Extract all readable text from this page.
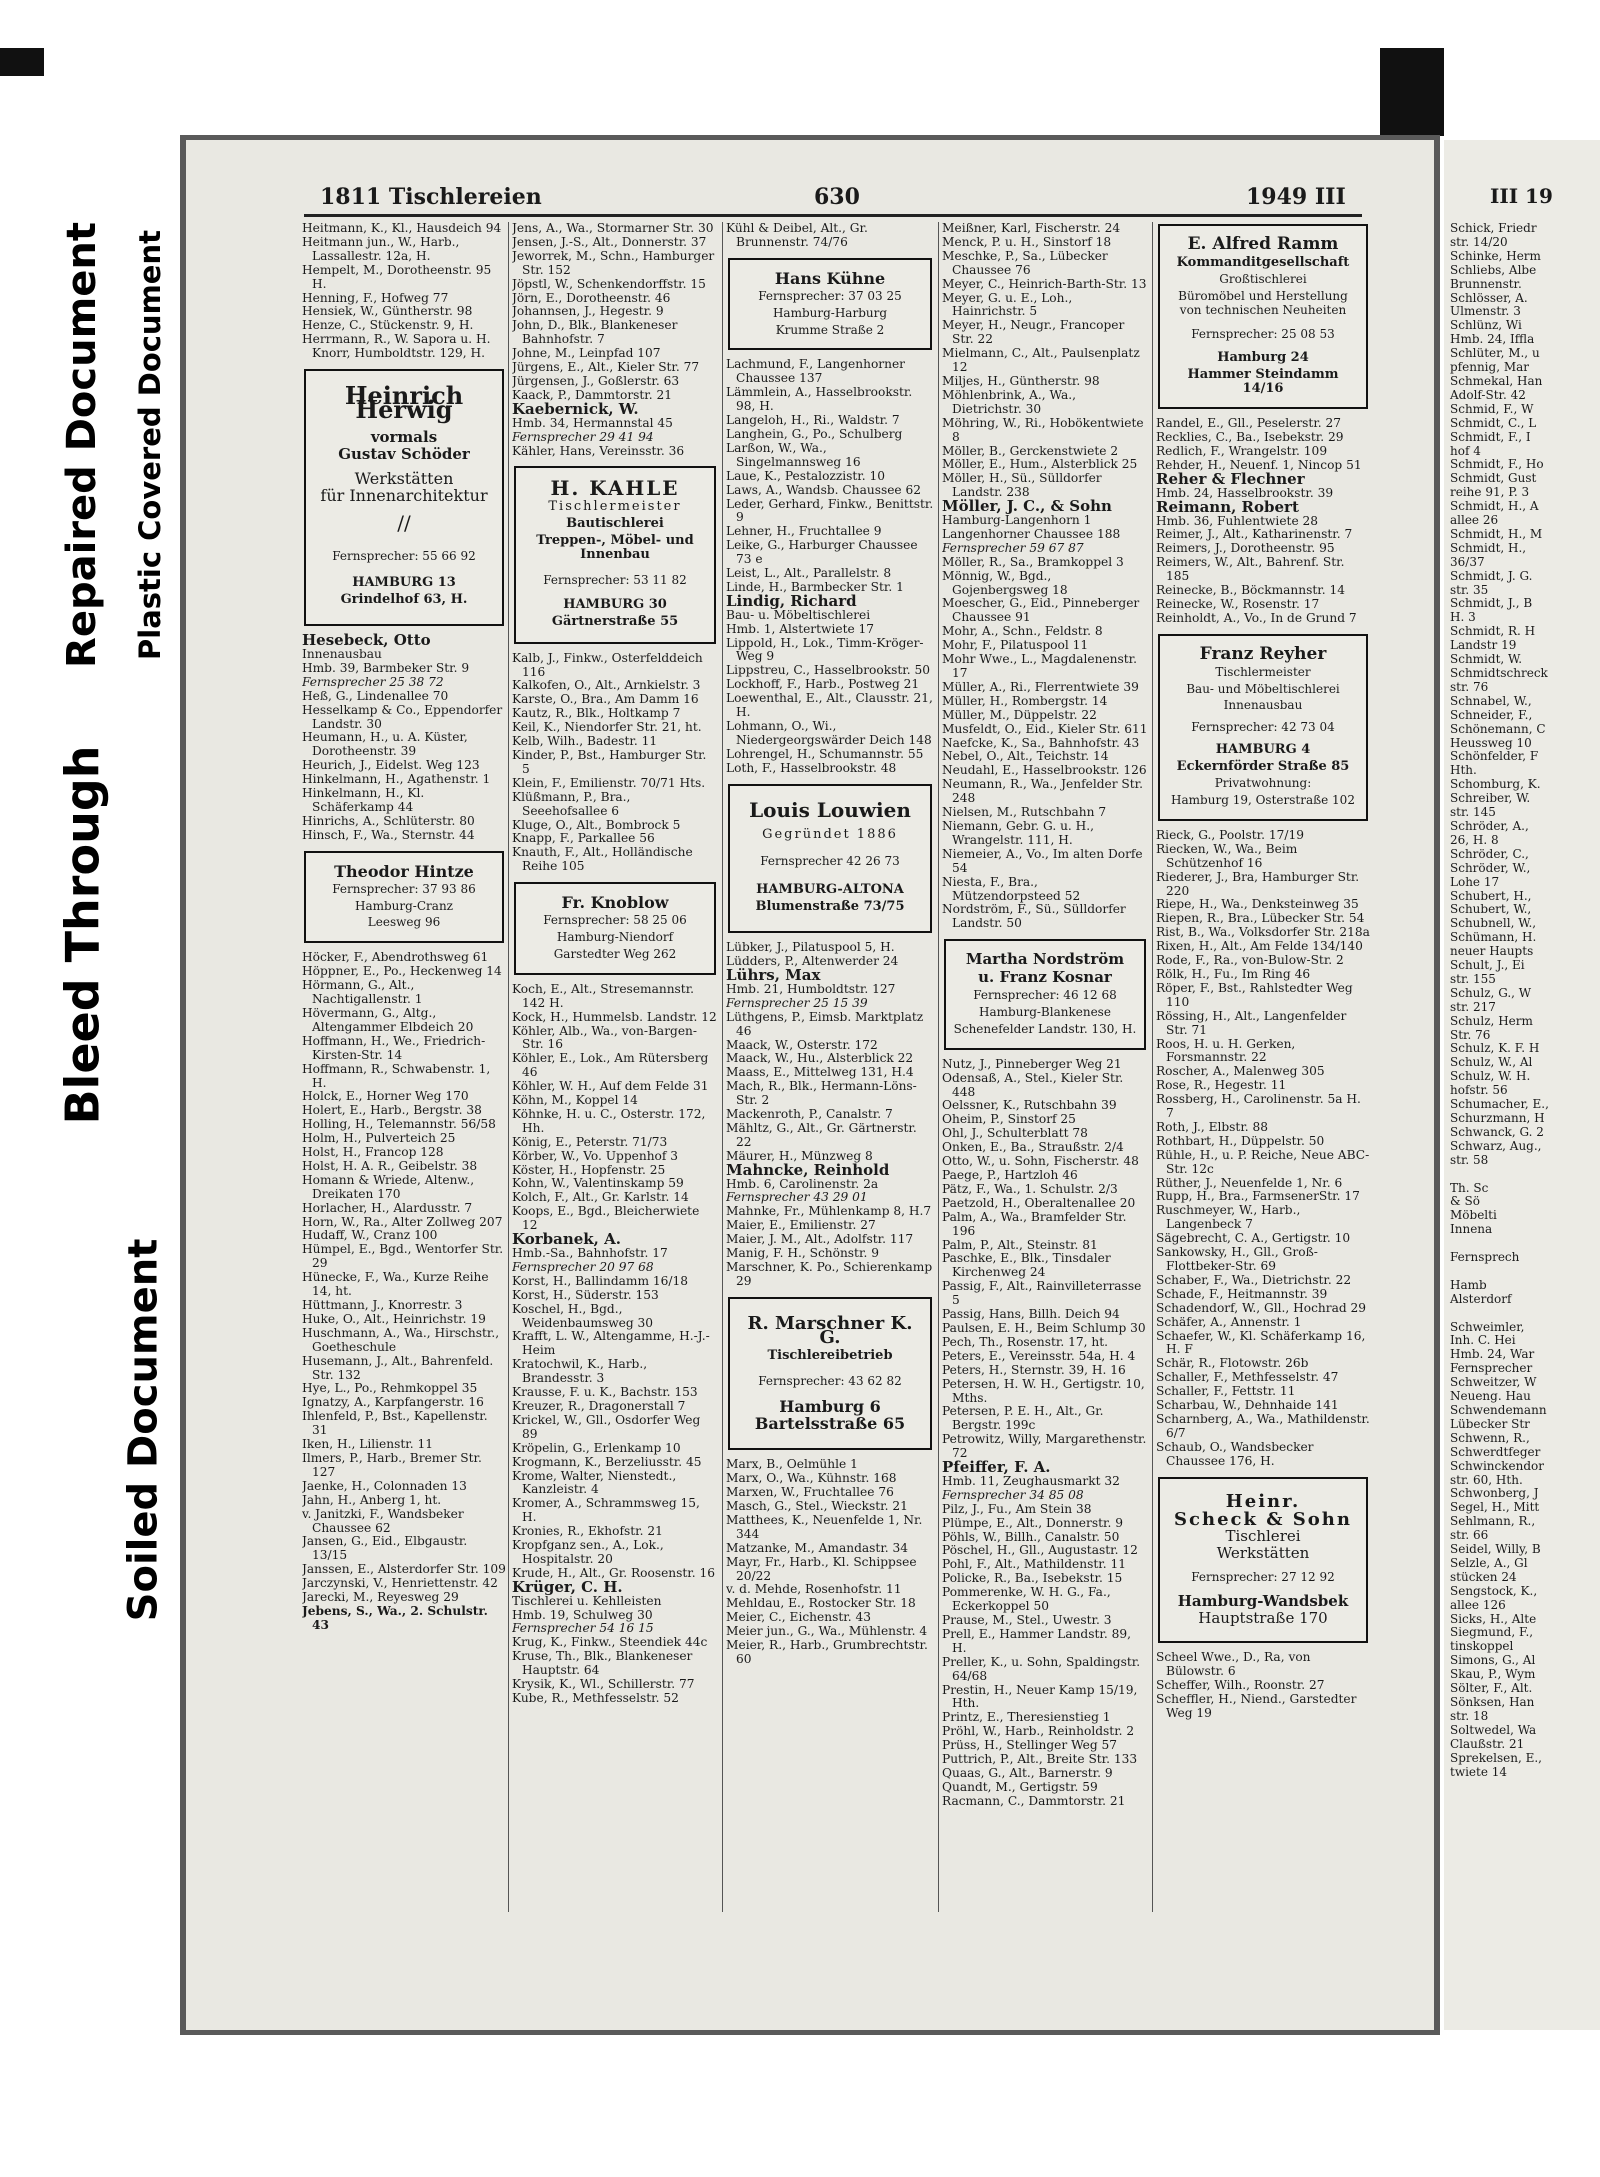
Repaired Document Plastic Covered Document
Bleed Through
Soiled Document
1811 Tischlereien	630	1949 III

Heitmann, K., Kl., Hausdeich 94

Heitmann jun., W., Harb., Lassallestr. 12a, H.

Hempelt, M., Dorotheenstr. 95 H.

Henning, F., Hofweg 77

Hensiek, W., Güntherstr. 98

Henze, C., Stückenstr. 9, H.

Herrmann, R., W. Sapora u. H. Knorr, Humboldtstr. 129, H.

Heinrich Herwig
vormals
Gustav Schöder
Werkstätten
für Innenarchitektur
//
Fernsprecher: 55 66 92
HAMBURG 13
Grindelhof 63, H.

Hesebeck, Otto

Innenausbau

Hmb. 39, Barmbeker Str. 9

Fernsprecher 25 38 72

Heß, G., Lindenallee 70

Hesselkamp & Co., Eppendorfer Landstr. 30

Heumann, H., u. A. Küster, Dorotheenstr. 39

Heurich, J., Eidelst. Weg 123

Hinkelmann, H., Agathenstr. 1

Hinkelmann, H., Kl. Schäferkamp 44

Hinrichs, A., Schlüterstr. 80

Hinsch, F., Wa., Sternstr. 44

Theodor Hintze
Fernsprecher: 37 93 86
Hamburg-Cranz
Leesweg 96

Höcker, F., Abendrothsweg 61

Höppner, E., Po., Heckenweg 14

Hörmann, G., Alt., Nachtigallenstr. 1

Hövermann, G., Altg., Altengammer Elbdeich 20

Hoffmann, H., We., Friedrich-Kirsten-Str. 14

Hoffmann, R., Schwabenstr. 1, H.

Holck, E., Horner Weg 170

Holert, E., Harb., Bergstr. 38

Holling, H., Telemannstr. 56/58

Holm, H., Pulverteich 25

Holst, H., Francop 128

Holst, H. A. R., Geibelstr. 38

Homann & Wriede, Altenw., Dreikaten 170

Horlacher, H., Alardusstr. 7

Horn, W., Ra., Alter Zollweg 207

Hudaff, W., Cranz 100

Hümpel, E., Bgd., Wentorfer Str. 29

Hünecke, F., Wa., Kurze Reihe 14, ht.

Hüttmann, J., Knorrestr. 3

Huke, O., Alt., Heinrichstr. 19

Huschmann, A., Wa., Hirschstr., Goetheschule

Husemann, J., Alt., Bahrenfeld. Str. 132

Hye, L., Po., Rehmkoppel 35

Ignatzy, A., Karpfangerstr. 16

Ihlenfeld, P., Bst., Kapellenstr. 31

Iken, H., Lilienstr. 11

Ilmers, P., Harb., Bremer Str. 127

Jaenke, H., Colonnaden 13

Jahn, H., Anberg 1, ht.

v. Janitzki, F., Wandsbeker Chaussee 62

Jansen, G., Eid., Elbgaustr. 13/15

Janssen, E., Alsterdorfer Str. 109

Jarczynski, V., Henriettenstr. 42

Jarecki, M., Reyesweg 29

Jebens, S., Wa., 2. Schulstr. 43

Jens, A., Wa., Stormarner Str. 30

Jensen, J.-S., Alt., Donnerstr. 37

Jeworrek, M., Schn., Hamburger Str. 152

Jöpstl, W., Schenkendorffstr. 15

Jörn, E., Dorotheenstr. 46

Johannsen, J., Hegestr. 9

John, D., Blk., Blankeneser Bahnhofstr. 7

Johne, M., Leinpfad 107

Jürgens, E., Alt., Kieler Str. 77

Jürgensen, J., Goßlerstr. 63

Kaack, P., Dammtorstr. 21

Kaebernick, W.

Hmb. 34, Hermannstal 45

Fernsprecher 29 41 94

Kähler, Hans, Vereinsstr. 36

H. KAHLE
Tischlermeister
Bautischlerei
Treppen-, Möbel- und Innenbau
Fernsprecher: 53 11 82
HAMBURG 30
Gärtnerstraße 55

Kalb, J., Finkw., Osterfelddeich 116

Kalkofen, O., Alt., Arnkielstr. 3

Karste, O., Bra., Am Damm 16

Kautz, R., Blk., Holtkamp 7

Keil, K., Niendorfer Str. 21, ht.

Kelb, Wilh., Badestr. 11

Kinder, P., Bst., Hamburger Str. 5

Klein, F., Emilienstr. 70/71 Hts.

Klüßmann, P., Bra., Seeehofsallee 6

Kluge, O., Alt., Bombrock 5

Knapp, F., Parkallee 56

Knauth, F., Alt., Holländische Reihe 105

Fr. Knoblow
Fernsprecher: 58 25 06
Hamburg-Niendorf
Garstedter Weg 262

Koch, E., Alt., Stresemannstr. 142 H.

Kock, H., Hummelsb. Landstr. 12

Köhler, Alb., Wa., von-Bargen-Str. 16

Köhler, E., Lok., Am Rütersberg 46

Köhler, W. H., Auf dem Felde 31

Köhn, M., Koppel 14

Köhnke, H. u. C., Osterstr. 172, Hh.

König, E., Peterstr. 71/73

Körber, W., Vo. Uppenhof 3

Köster, H., Hopfenstr. 25

Kohn, W., Valentinskamp 59

Kolch, F., Alt., Gr. Karlstr. 14

Koops, E., Bgd., Bleicherwiete 12

Korbanek, A.

Hmb.-Sa., Bahnhofstr. 17

Fernsprecher 20 97 68

Korst, H., Ballindamm 16/18

Korst, H., Süderstr. 153

Koschel, H., Bgd., Weidenbaumsweg 30

Krafft, L. W., Altengamme, H.-J.-Heim

Kratochwil, K., Harb., Brandesstr. 3

Krausse, F. u. K., Bachstr. 153

Kreuzer, R., Dragonerstall 7

Krickel, W., Gll., Osdorfer Weg 89

Kröpelin, G., Erlenkamp 10

Krogmann, K., Berzeliusstr. 45

Krome, Walter, Nienstedt., Kanzleistr. 4

Kromer, A., Schrammsweg 15, H.

Kronies, R., Ekhofstr. 21

Kropfganz sen., A., Lok., Hospitalstr. 20

Krude, H., Alt., Gr. Roosenstr. 16

Krüger, C. H.

Tischlerei u. Kehlleisten

Hmb. 19, Schulweg 30

Fernsprecher 54 16 15

Krug, K., Finkw., Steendiek 44c

Kruse, Th., Blk., Blankeneser Hauptstr. 64

Krysik, K., Wl., Schillerstr. 77

Kube, R., Methfesselstr. 52

Kühl & Deibel, Alt., Gr. Brunnenstr. 74/76

Hans Kühne
Fernsprecher: 37 03 25
Hamburg-Harburg
Krumme Straße 2

Lachmund, F., Langenhorner Chaussee 137

Lämmlein, A., Hasselbrookstr. 98, H.

Langeloh, H., Ri., Waldstr. 7

Langhein, G., Po., Schulberg

Larßon, W., Wa., Singelmannsweg 16

Laue, K., Pestalozzistr. 10

Laws, A., Wandsb. Chaussee 62

Leder, Gerhard, Finkw., Benittstr. 9

Lehner, H., Fruchtallee 9

Leike, G., Harburger Chaussee 73 e

Leist, L., Alt., Parallelstr. 8

Linde, H., Barmbecker Str. 1

Lindig, Richard

Bau- u. Möbeltischlerei

Hmb. 1, Alstertwiete 17

Lippold, H., Lok., Timm-Kröger-Weg 9

Lippstreu, C., Hasselbrookstr. 50

Lockhoff, F., Harb., Postweg 21

Loewenthal, E., Alt., Clausstr. 21, H.

Lohmann, O., Wi., Niedergeorgswärder Deich 148

Lohrengel, H., Schumannstr. 55

Loth, F., Hasselbrookstr. 48

Louis Louwien
Gegründet 1886
Fernsprecher 42 26 73
HAMBURG-ALTONA
Blumenstraße 73/75

Lübker, J., Pilatuspool 5, H.

Lüdders, P., Altenwerder 24

Lührs, Max

Hmb. 21, Humboldtstr. 127

Fernsprecher 25 15 39

Lüthgens, P., Eimsb. Marktplatz 46

Maack, W., Osterstr. 172

Maack, W., Hu., Alsterblick 22

Maass, E., Mittelweg 131, H.4

Mach, R., Blk., Hermann-Löns-Str. 2

Mackenroth, P., Canalstr. 7

Mähltz, G., Alt., Gr. Gärtnerstr. 22

Mäurer, H., Münzweg 8

Mahncke, Reinhold

Hmb. 6, Carolinenstr. 2a

Fernsprecher 43 29 01

Mahnke, Fr., Mühlenkamp 8, H.7

Maier, E., Emilienstr. 27

Maier, J. M., Alt., Adolfstr. 117

Manig, F. H., Schönstr. 9

Marschner, K. Po., Schierenkamp 29

R. Marschner K. G.
Tischlereibetrieb
Fernsprecher: 43 62 82
Hamburg 6
Bartelsstraße 65

Marx, B., Oelmühle 1

Marx, O., Wa., Kühnstr. 168

Marxen, W., Fruchtallee 76

Masch, G., Stel., Wieckstr. 21

Matthees, K., Neuenfelde 1, Nr. 344

Matzanke, M., Amandastr. 34

Mayr, Fr., Harb., Kl. Schippsee 20/22

v. d. Mehde, Rosenhofstr. 11

Mehldau, E., Rostocker Str. 18

Meier, C., Eichenstr. 43

Meier jun., G., Wa., Mühlenstr. 4

Meier, R., Harb., Grumbrechtstr. 60

Meißner, Karl, Fischerstr. 24

Menck, P. u. H., Sinstorf 18

Meschke, P., Sa., Lübecker Chaussee 76

Meyer, C., Heinrich-Barth-Str. 13

Meyer, G. u. E., Loh., Hainrichstr. 5

Meyer, H., Neugr., Francoper Str. 22

Mielmann, C., Alt., Paulsenplatz 12

Miljes, H., Güntherstr. 98

Möhlenbrink, A., Wa., Dietrichstr. 30

Möhring, W., Ri., Hobökentwiete 8

Möller, B., Gerckenstwiete 2

Möller, E., Hum., Alsterblick 25

Möller, H., Sü., Sülldorfer Landstr. 238

Möller, J. C., & Sohn

Hamburg-Langenhorn 1

Langenhorner Chaussee 188

Fernsprecher 59 67 87

Möller, R., Sa., Bramkoppel 3

Mönnig, W., Bgd., Gojenbergsweg 18

Moescher, G., Eid., Pinneberger Chaussee 91

Mohr, A., Schn., Feldstr. 8

Mohr, F., Pilatuspool 11

Mohr Wwe., L., Magdalenenstr. 17

Müller, A., Ri., Flerrentwiete 39

Müller, H., Rombergstr. 14

Müller, M., Düppelstr. 22

Musfeldt, O., Eid., Kieler Str. 611

Naefcke, K., Sa., Bahnhofstr. 43

Nebel, O., Alt., Teichstr. 14

Neudahl, E., Hasselbrookstr. 126

Neumann, R., Wa., Jenfelder Str. 248

Nielsen, M., Rutschbahn 7

Niemann, Gebr. G. u. H., Wrangelstr. 111, H.

Niemeier, A., Vo., Im alten Dorfe 54

Niesta, F., Bra., Mützendorpsteed 52

Nordström, F., Sü., Sülldorfer Landstr. 50

Martha Nordström
u. Franz Kosnar
Fernsprecher: 46 12 68
Hamburg-Blankenese
Schenefelder Landstr. 130, H.

Nutz, J., Pinneberger Weg 21

Odensaß, A., Stel., Kieler Str. 448

Oelssner, K., Rutschbahn 39

Oheim, P., Sinstorf 25

Ohl, J., Schulterblatt 78

Onken, E., Ba., Straußstr. 2/4

Otto, W., u. Sohn, Fischerstr. 48

Paege, P., Hartzloh 46

Pätz, F., Wa., 1. Schulstr. 2/3

Paetzold, H., Oberaltenallee 20

Palm, A., Wa., Bramfelder Str. 196

Palm, P., Alt., Steinstr. 81

Paschke, E., Blk., Tinsdaler Kirchenweg 24

Passig, F., Alt., Rainvilleterrasse 5

Passig, Hans, Billh. Deich 94

Paulsen, E. H., Beim Schlump 30

Pech, Th., Rosenstr. 17, ht.

Peters, E., Vereinsstr. 54a, H. 4

Peters, H., Sternstr. 39, H. 16

Petersen, H. W. H., Gertigstr. 10, Mths.

Petersen, P. E. H., Alt., Gr. Bergstr. 199c

Petrowitz, Willy, Margarethenstr. 72

Pfeiffer, F. A.

Hmb. 11, Zeughausmarkt 32

Fernsprecher 34 85 08

Pilz, J., Fu., Am Stein 38

Plümpe, E., Alt., Donnerstr. 9

Pöhls, W., Billh., Canalstr. 50

Pöschel, H., Gll., Augustastr. 12

Pohl, F., Alt., Mathildenstr. 11

Policke, R., Ba., Isebekstr. 15

Pommerenke, W. H. G., Fa., Eckerkoppel 50

Prause, M., Stel., Uwestr. 3

Prell, E., Hammer Landstr. 89, H.

Preller, K., u. Sohn, Spaldingstr. 64/68

Prestin, H., Neuer Kamp 15/19, Hth.

Printz, E., Theresienstieg 1

Pröhl, W., Harb., Reinholdstr. 2

Prüss, H., Stellinger Weg 57

Puttrich, P., Alt., Breite Str. 133

Quaas, G., Alt., Barnerstr. 9

Quandt, M., Gertigstr. 59

Racmann, C., Dammtorstr. 21

E. Alfred Ramm
Kommanditgesellschaft
Großtischlerei
Büromöbel und Herstellung von technischen Neuheiten
Fernsprecher: 25 08 53
Hamburg 24
Hammer Steindamm 14/16

Randel, E., Gll., Peselerstr. 27

Recklies, C., Ba., Isebekstr. 29

Redlich, F., Wrangelstr. 109

Rehder, H., Neuenf. 1, Nincop 51

Reher & Flechner

Hmb. 24, Hasselbrookstr. 39

Reimann, Robert

Hmb. 36, Fuhlentwiete 28

Reimer, J., Alt., Katharinenstr. 7

Reimers, J., Dorotheenstr. 95

Reimers, W., Alt., Bahrenf. Str. 185

Reinecke, B., Böckmannstr. 14

Reinecke, W., Rosenstr. 17

Reinholdt, A., Vo., In de Grund 7

Franz Reyher
Tischlermeister
Bau- und Möbeltischlerei
Innenausbau
Fernsprecher: 42 73 04
HAMBURG 4
Eckernförder Straße 85
Privatwohnung:
Hamburg 19, Osterstraße 102

Rieck, G., Poolstr. 17/19

Riecken, W., Wa., Beim Schützenhof 16

Riederer, J., Bra, Hamburger Str. 220

Riepe, H., Wa., Denksteinweg 35

Riepen, R., Bra., Lübecker Str. 54

Rist, B., Wa., Volksdorfer Str. 218a

Rixen, H., Alt., Am Felde 134/140

Rode, F., Ra., von-Bulow-Str. 2

Rölk, H., Fu., Im Ring 46

Röper, F., Bst., Rahlstedter Weg 110

Rössing, H., Alt., Langenfelder Str. 71

Roos, H. u. H. Gerken, Forsmannstr. 22

Roscher, A., Malenweg 305

Rose, R., Hegestr. 11

Rossberg, H., Carolinenstr. 5a H. 7

Roth, J., Elbstr. 88

Rothbart, H., Düppelstr. 50

Rühle, H., u. P. Reiche, Neue ABC-Str. 12c

Rüther, J., Neuenfelde 1, Nr. 6

Rupp, H., Bra., FarmsenerStr. 17

Ruschmeyer, W., Harb., Langenbeck 7

Sägebrecht, C. A., Gertigstr. 10

Sankowsky, H., Gll., Groß-Flottbeker-Str. 69

Schaber, F., Wa., Dietrichstr. 22

Schade, F., Heitmannstr. 39

Schadendorf, W., Gll., Hochrad 29

Schäfer, A., Annenstr. 1

Schaefer, W., Kl. Schäferkamp 16, H. F

Schär, R., Flotowstr. 26b

Schaller, F., Methfesselstr. 47

Schaller, F., Fettstr. 11

Scharbau, W., Dehnhaide 141

Scharnberg, A., Wa., Mathildenstr. 6/7

Schaub, O., Wandsbecker Chaussee 176, H.

Heinr.
Scheck & Sohn
Tischlerei
Werkstätten
Fernsprecher: 27 12 92
Hamburg-Wandsbek
Hauptstraße 170

Scheel Wwe., D., Ra, von Bülowstr. 6

Scheffer, Wilh., Roonstr. 27

Scheffler, H., Niend., Garstedter Weg 19

III 19
Schick, Friedr
str. 14/20
Schinke, Herm
Schliebs, Albe
Brunnenstr.
Schlösser, A.
Ulmenstr. 3
Schlünz, Wi
Hmb. 24, Iffla
Schlüter, M., u
pfennig, Mar
Schmekal, Han
Adolf-Str. 42
Schmid, F., W
Schmidt, C., L
Schmidt, F., I
hof 4
Schmidt, F., Ho
Schmidt, Gust
reihe 91, P. 3
Schmidt, H., A
allee 26
Schmidt, H., M
Schmidt, H.,
36/37
Schmidt, J. G.
str. 35
Schmidt, J., B
H. 3
Schmidt, R. H
Landstr 19
Schmidt, W.
Schmidtschreck
str. 76
Schnabel, W.,
Schneider, F.,
Schönemann, C
Heussweg 10
Schönfelder, F
Hth.
Schomburg, K.
Schreiber, W.
str. 145
Schröder, A.,
26, H. 8
Schröder, C.,
Schröder, W.,
Lohe 17
Schubert, H.,
Schubert, W.,
Schubnell, W.,
Schümann, H.
neuer Haupts
Schult, J., Ei
str. 155
Schulz, G., W
str. 217
Schulz, Herm
Str. 76
Schulz, K. F. H
Schulz, W., Al
Schulz, W. H.
hofstr. 56
Schumacher, E.,
Schurzmann, H
Schwanck, G. 2
Schwarz, Aug.,
str. 58
Th. Sc
& Sö
Möbelti
Innena
Fernsprech
Hamb
Alsterdorf
Schweimler,
Inh. C. Hei
Hmb. 24, War
Fernsprecher
Schweitzer, W
Neueng. Hau
Schwendemann
Lübecker Str
Schwenn, R.,
Schwerdtfeger
Schwinckendor
str. 60, Hth.
Schwonberg, J
Segel, H., Mitt
Sehlmann, R.,
str. 66
Seidel, Willy, B
Selzle, A., Gl
stücken 24
Sengstock, K.,
allee 126
Sicks, H., Alte
Siegmund, F.,
tinskoppel
Simons, G., Al
Skau, P., Wym
Sölter, F., Alt.
Sönksen, Han
str. 18
Soltwedel, Wa
Claußstr. 21
Sprekelsen, E.,
twiete 14
